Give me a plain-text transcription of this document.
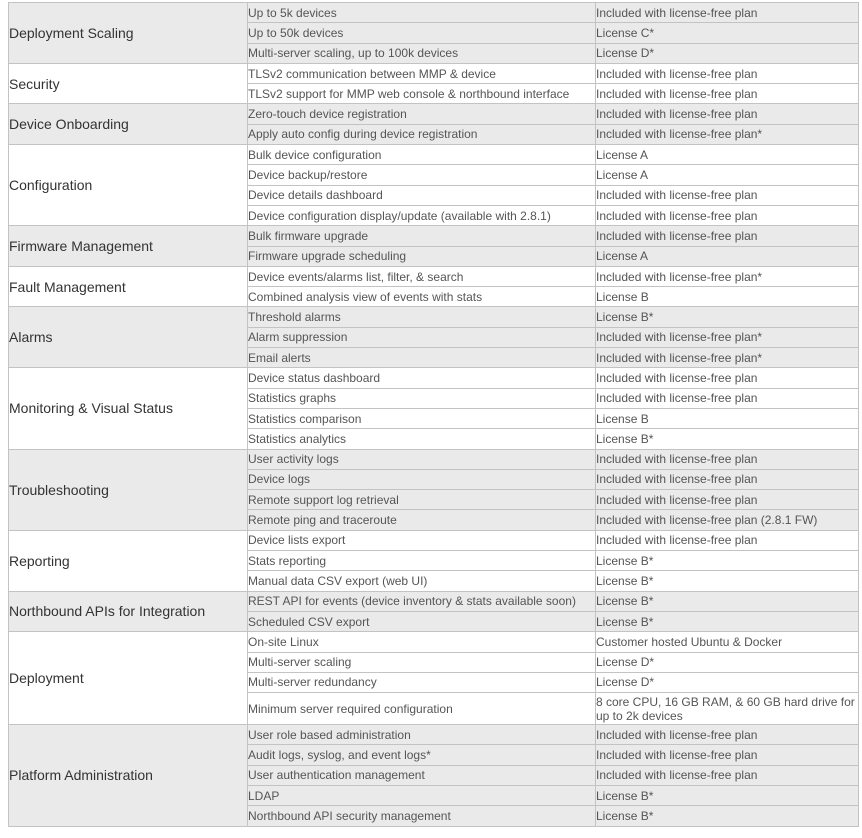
Deployment Scaling	Up to 5k devices	Included with license-free plan
	Up to 50k devices	License C*
	Multi-server scaling, up to 100k devices	License D*
Security	TLSv2 communication between MMP & device	Included with license-free plan
	TLSv2 support for MMP web console & northbound interface	Included with license-free plan
Device Onboarding	Zero-touch device registration	Included with license-free plan
	Apply auto config during device registration	Included with license-free plan*
Configuration	Bulk device configuration	License A
	Device backup/restore	License A
	Device details dashboard	Included with license-free plan
	Device configuration display/update (available with 2.8.1)	Included with license-free plan
Firmware Management	Bulk firmware upgrade	Included with license-free plan
	Firmware upgrade scheduling	License A
Fault Management	Device events/alarms list, filter, & search	Included with license-free plan*
	Combined analysis view of events with stats	License B
Alarms	Threshold alarms	License B*
	Alarm suppression	Included with license-free plan*
	Email alerts	Included with license-free plan*
Monitoring & Visual Status	Device status dashboard	Included with license-free plan
	Statistics graphs	Included with license-free plan
	Statistics comparison	License B
	Statistics analytics	License B*
Troubleshooting	User activity logs	Included with license-free plan
	Device logs	Included with license-free plan
	Remote support log retrieval	Included with license-free plan
	Remote ping and traceroute	Included with license-free plan (2.8.1 FW)
Reporting	Device lists export	Included with license-free plan
	Stats reporting	License B*
	Manual data CSV export (web UI)	License B*
Northbound APIs for Integration	REST API for events (device inventory & stats available soon)	License B*
	Scheduled CSV export	License B*
Deployment	On-site Linux	Customer hosted Ubuntu & Docker
	Multi-server scaling	License D*
	Multi-server redundancy	License D*
	Minimum server required configuration	8 core CPU, 16 GB RAM, & 60 GB hard drive for up to 2k devices
Platform Administration	User role based administration	Included with license-free plan
	Audit logs, syslog, and event logs*	Included with license-free plan
	User authentication management	Included with license-free plan
	LDAP	License B*
	Northbound API security management	License B*
